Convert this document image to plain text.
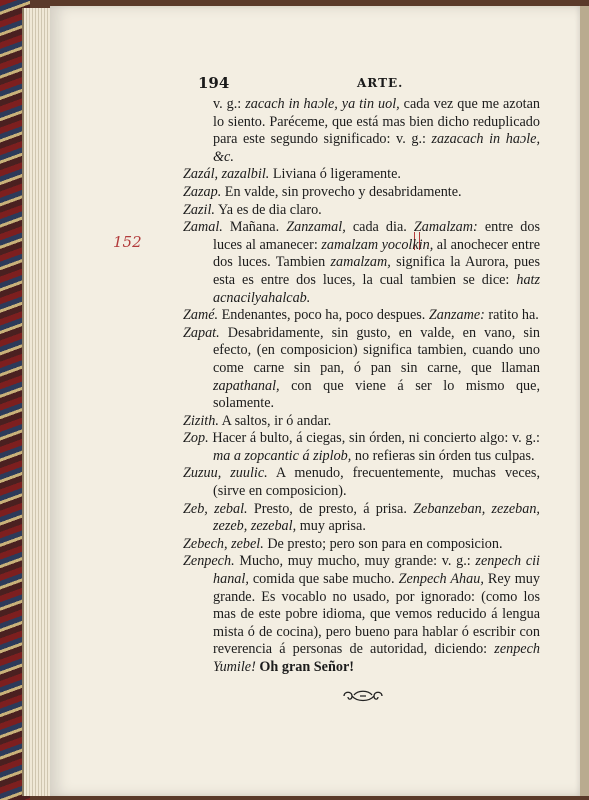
194	ARTE.
152
v. g.: zacach in haɔle, ya tin uol, cada vez que me azotan lo siento. Paréceme, que está mas bien dicho reduplicado para este segundo significado: v. g.: zazacach in haɔle, &c.
Zazál, zazalbil. Liviana ó ligeramente.
Zazap. En valde, sin provecho y desabridamente.
Zazil. Ya es de dia claro.
Zamal. Mañana. Zanzamal, cada dia. Zamalzam: entre dos luces al amanecer: zamalzam yocolkin, al anochecer entre dos luces. Tambien zamalzam, significa la Aurora, pues esta es entre dos luces, la cual tambien se dice: hatz acnacilyahalcab.
Zamé. Endenantes, poco ha, poco despues. Zanzame: ratito ha.
Zapat. Desabridamente, sin gusto, en valde, en vano, sin efecto, (en composicion) significa tambien, cuando uno come carne sin pan, ó pan sin carne, que llaman zapathanal, con que viene á ser lo mismo que, solamente.
Zizith. A saltos, ir ó andar.
Zop. Hacer á bulto, á ciegas, sin órden, ni concierto algo: v. g.: ma a zopcantic á ziplob, no refieras sin órden tus culpas.
Zuzuu, zuulic. A menudo, frecuentemente, muchas veces, (sirve en composicion).
Zeb, zebal. Presto, de presto, á prisa. Zebanzeban, zezeban, zezeb, zezebal, muy aprisa.
Zebech, zebel. De presto; pero son para en composicion.
Zenpech. Mucho, muy mucho, muy grande: v. g.: zenpech cii hanal, comida que sabe mucho. Zenpech Ahau, Rey muy grande. Es vocablo no usado, por ignorado: (como los mas de este pobre idioma, que vemos reducido á lengua mista ó de cocina), pero bueno para hablar ó escribir con reverencia á personas de autoridad, diciendo: zenpech Yumile! Oh gran Señor!
